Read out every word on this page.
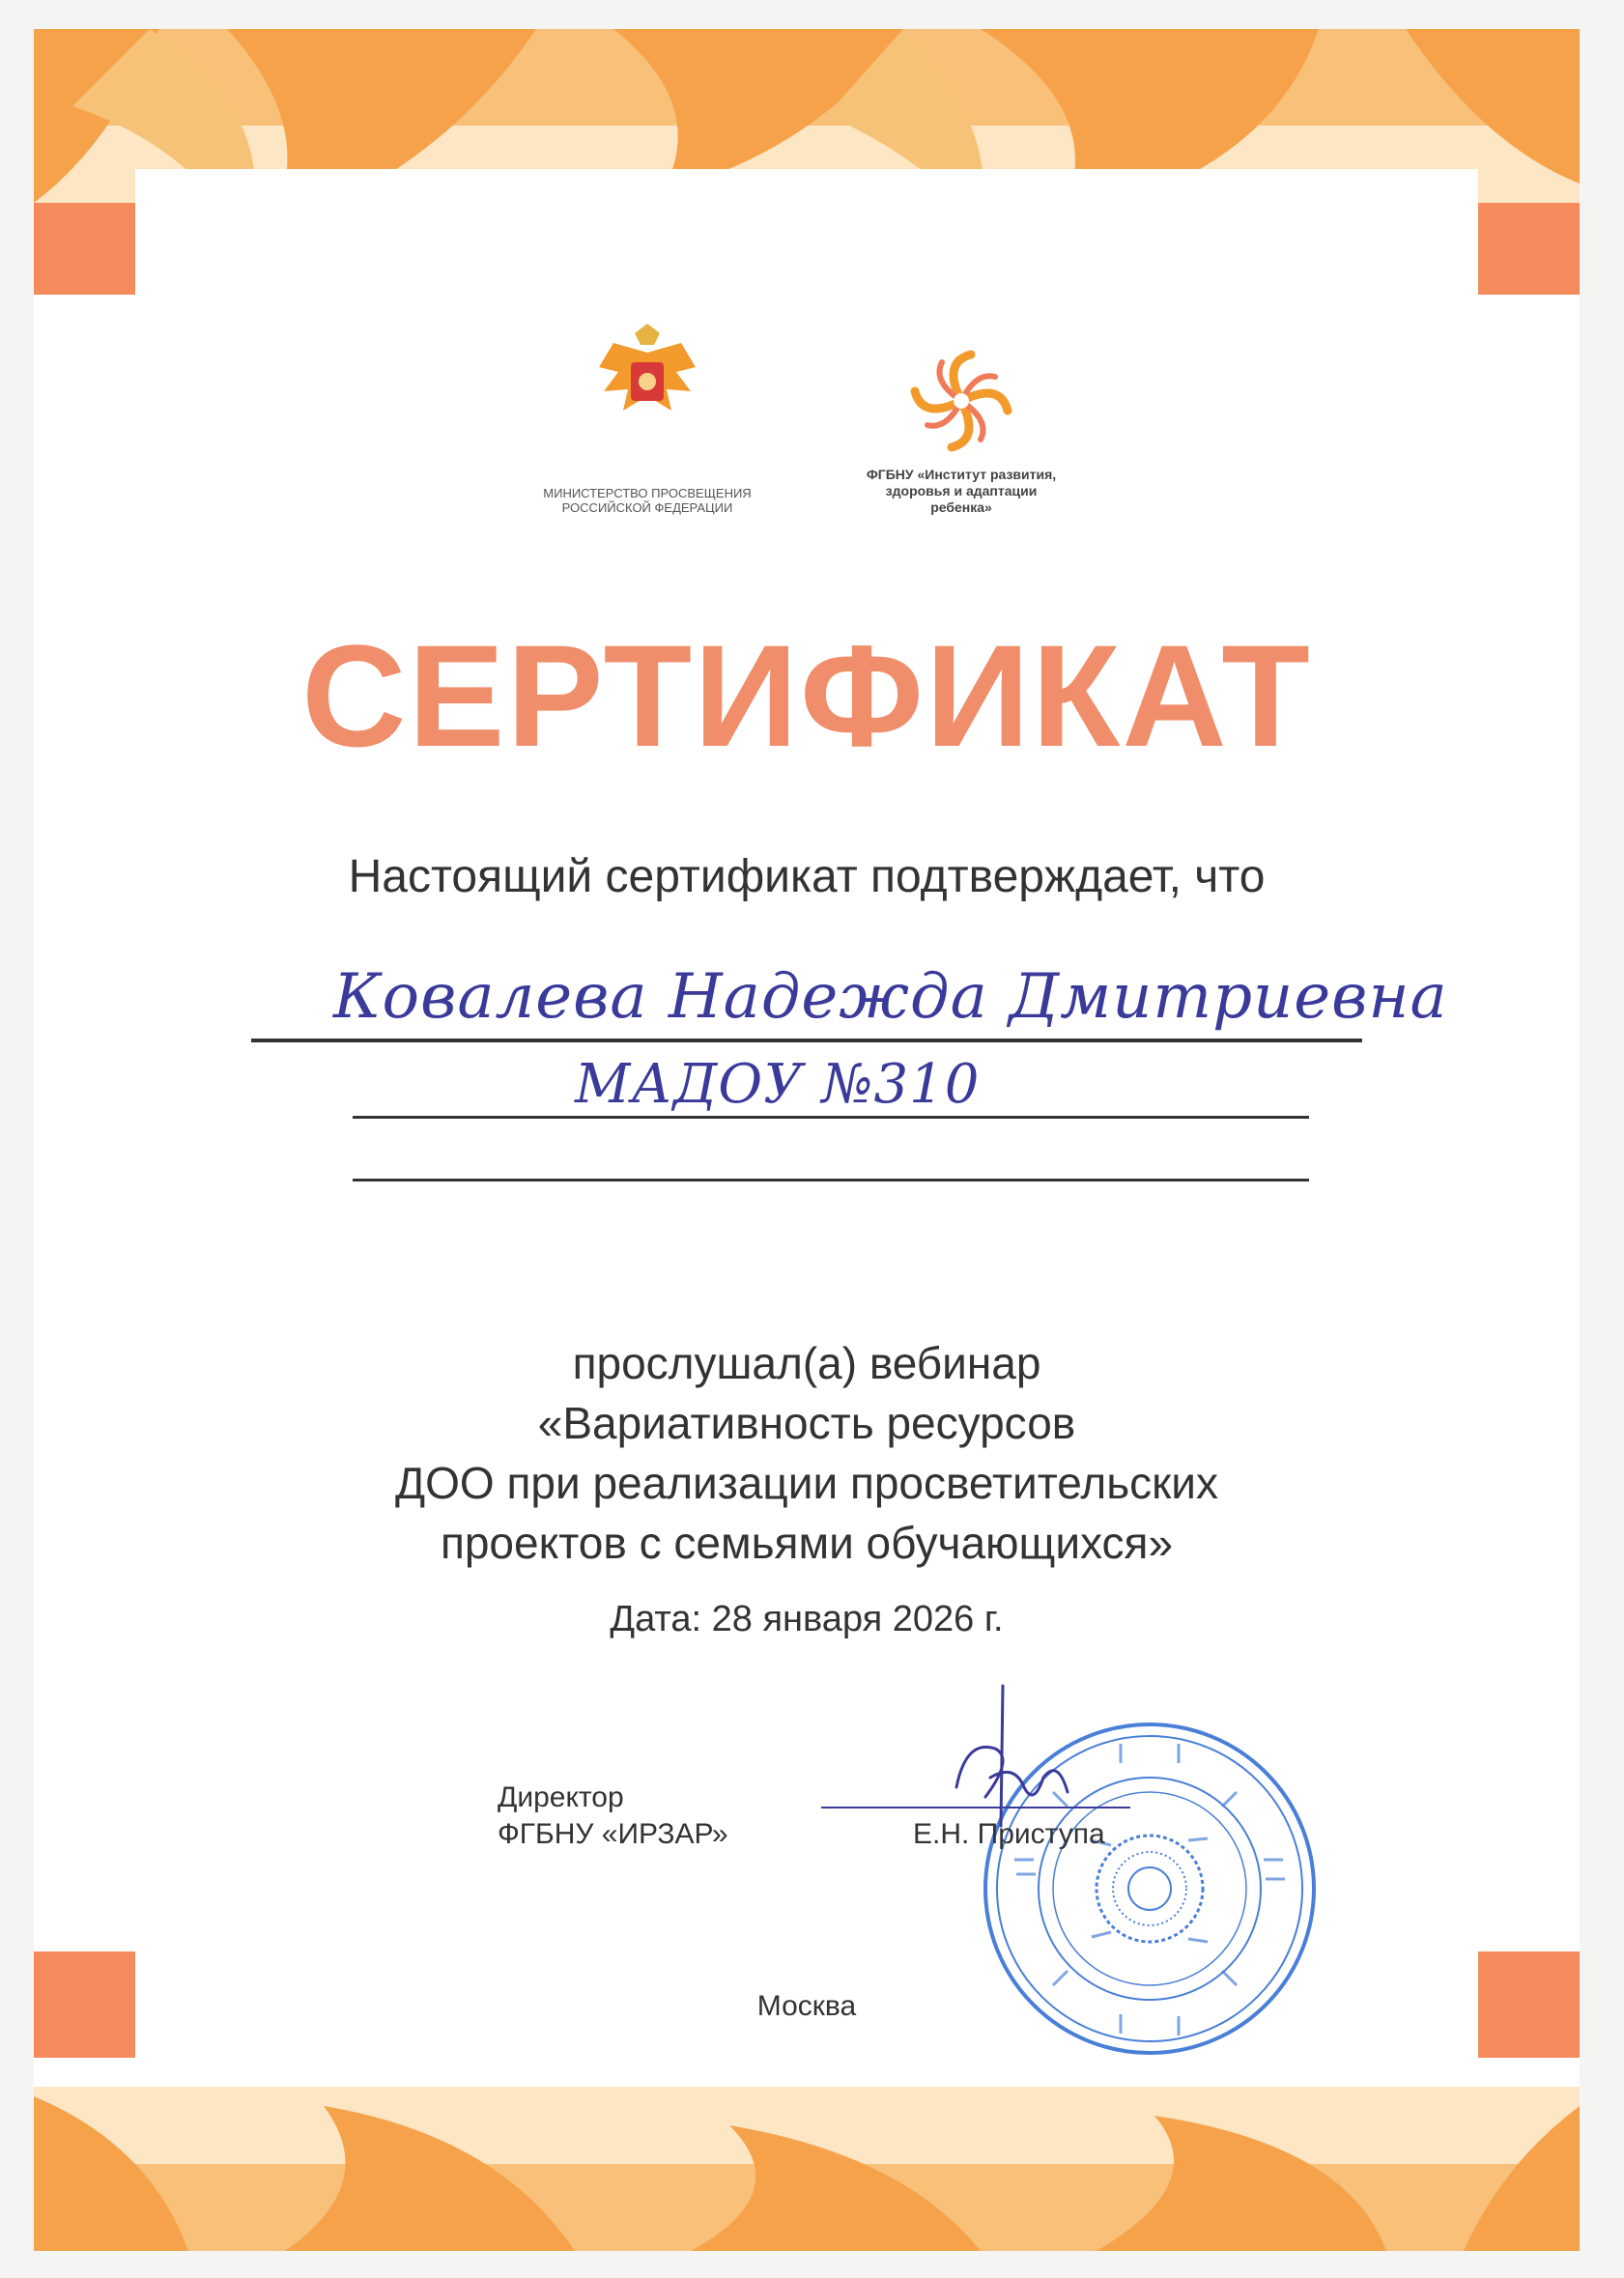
МИНИСТЕРСТВО ПРОСВЕЩЕНИЯ
РОССИЙСКОЙ ФЕДЕРАЦИИ
ФГБНУ «Институт развития,
здоровья и адаптации
ребенка»
СЕРТИФИКАТ
Настоящий сертификат подтверждает, что
Ковалева Надежда Дмитриевна
МАДОУ №310
прослушал(а) вебинар
«Вариативность ресурсов
ДОО при реализации просветительских
проектов с семьями обучающихся»
Дата: 28 января 2026 г.
Директор
ФГБНУ «ИРЗАР»	Е.Н. Приступа
Москва
